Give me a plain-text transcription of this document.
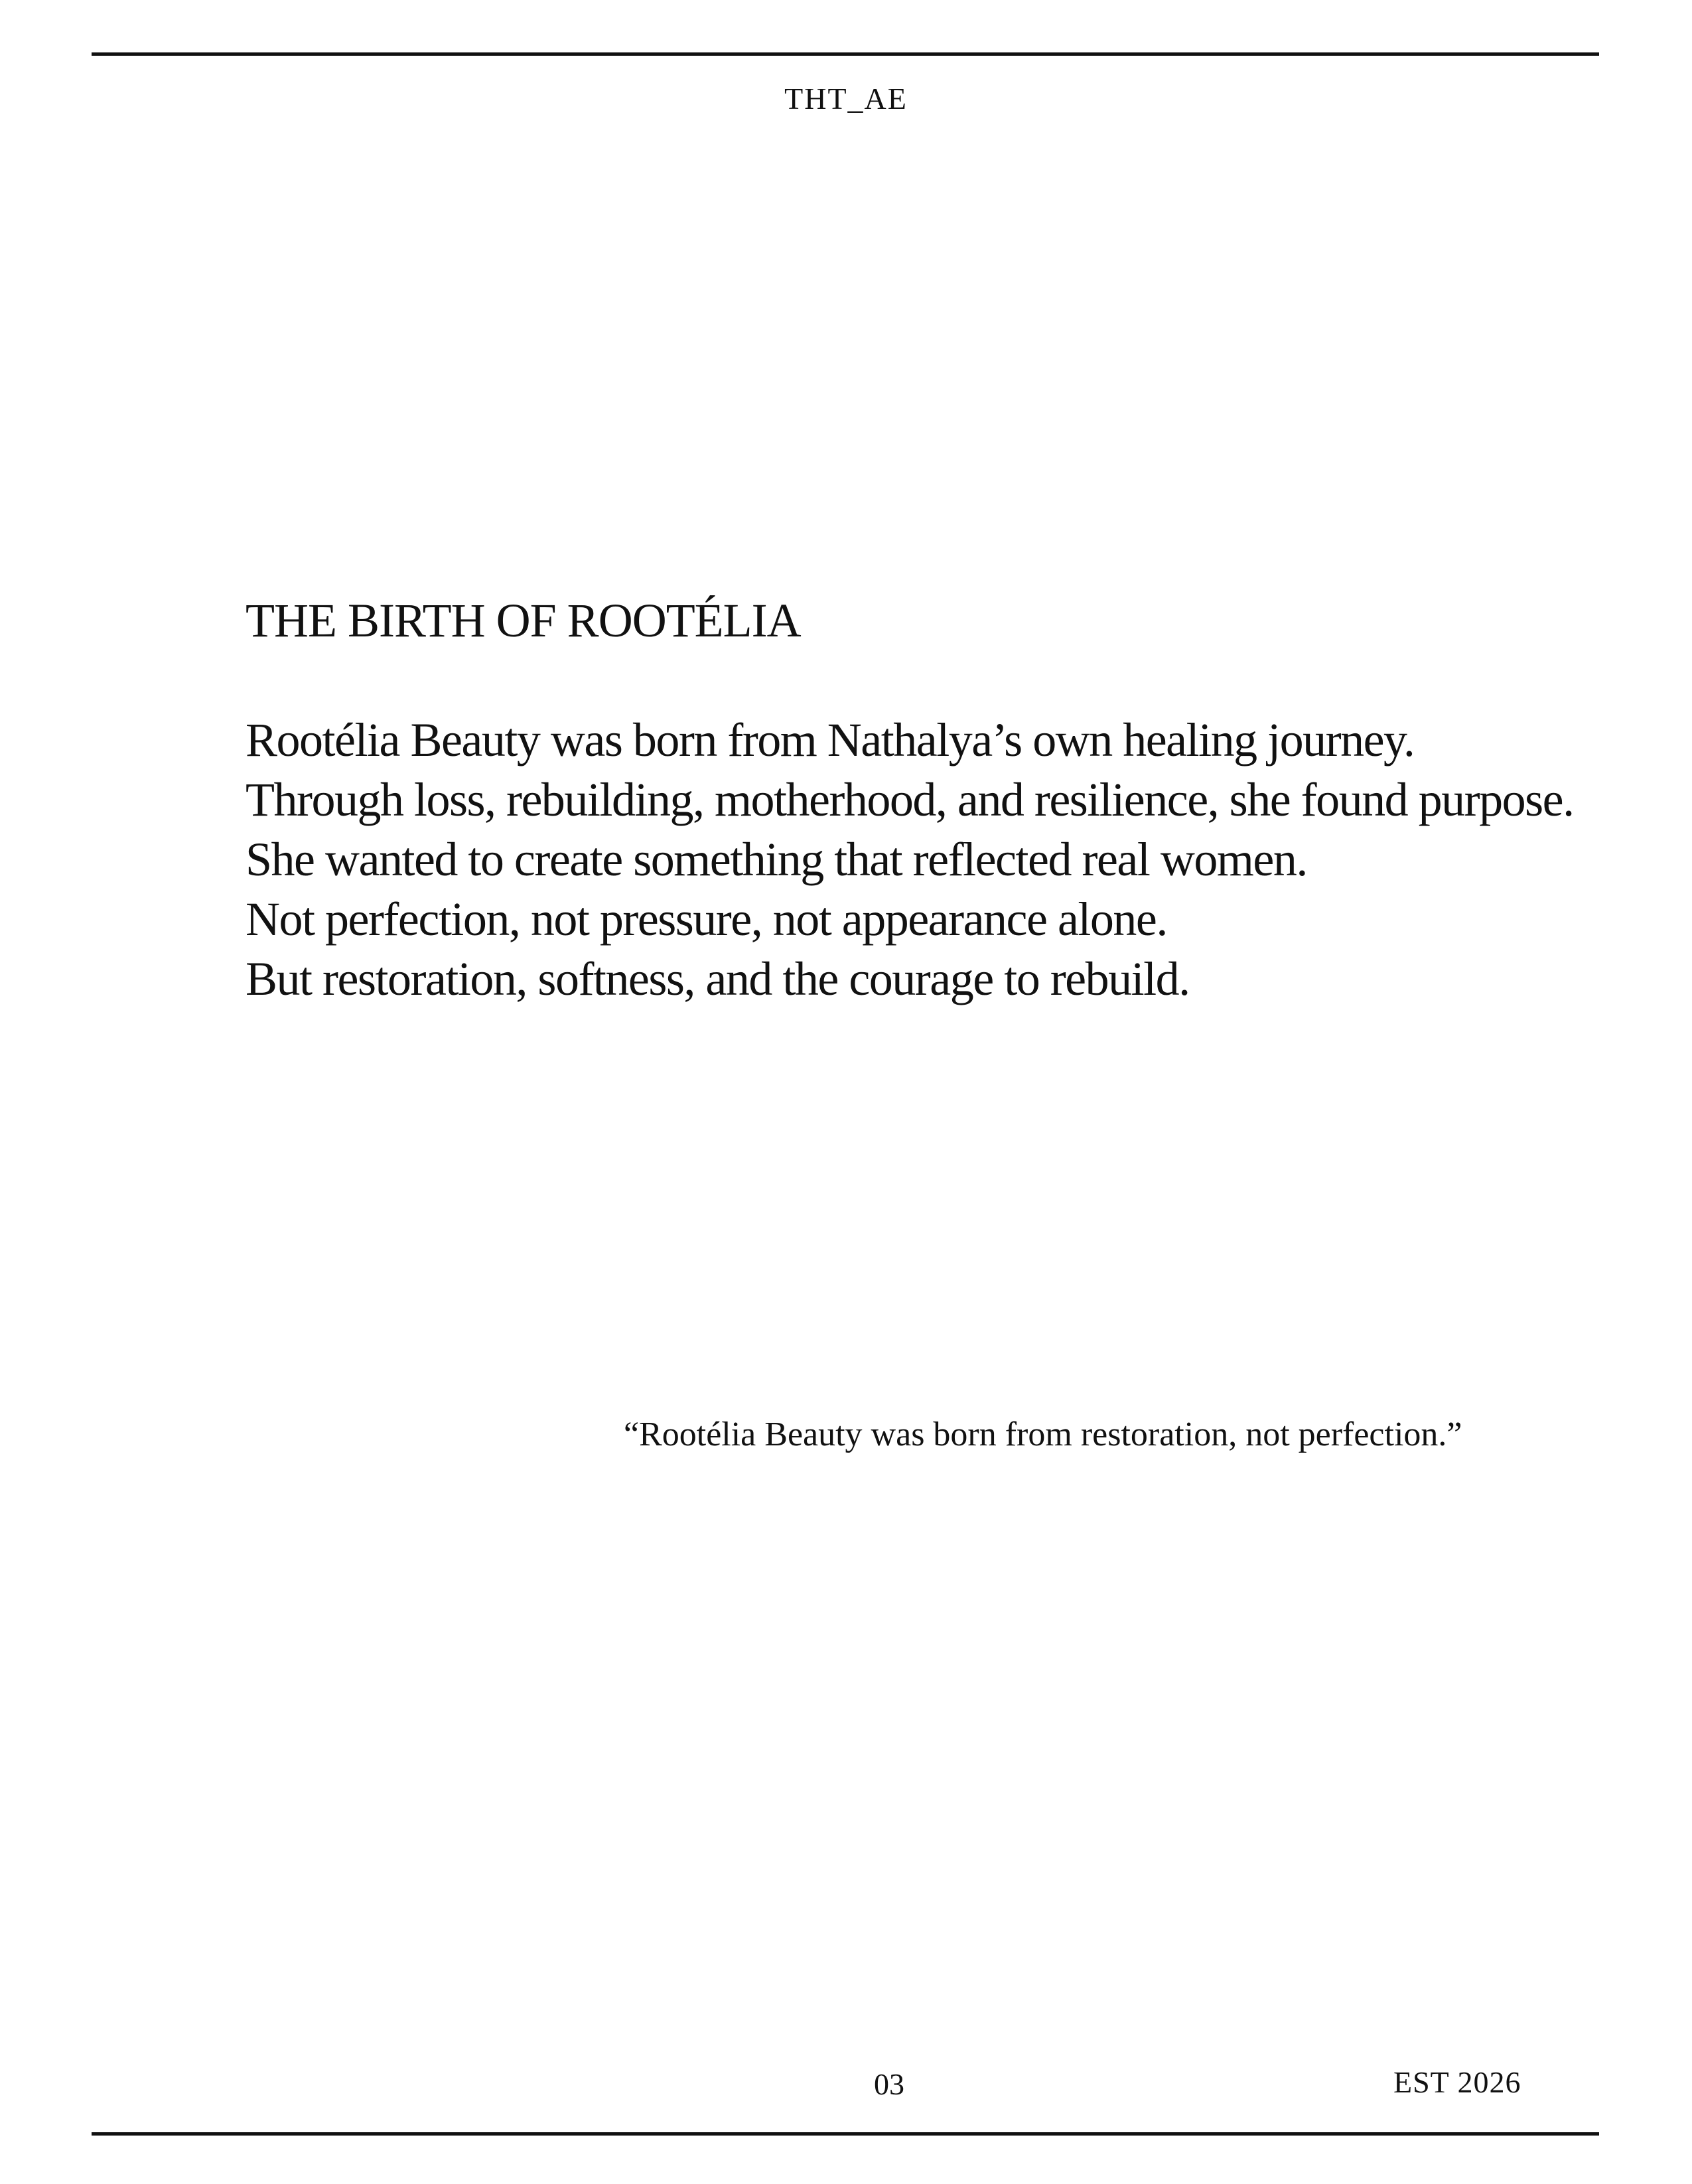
THT_AE
THE BIRTH OF ROOTÉLIA
Rootélia Beauty was born from Nathalya’s own healing journey.
Through loss, rebuilding, motherhood, and resilience, she found purpose.
She wanted to create something that reflected real women.
Not perfection, not pressure, not appearance alone.
But restoration, softness, and the courage to rebuild.
“Rootélia Beauty was born from restoration, not perfection.”
03	EST 2026
